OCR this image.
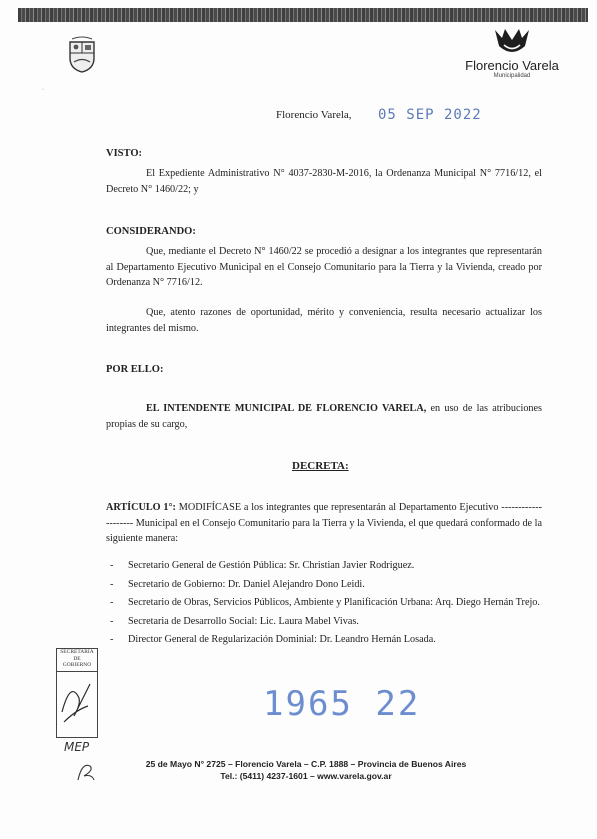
·
Florencio Varela
Municipalidad
Florencio Varela, 05 SEP 2022
VISTO:
El Expediente Administrativo N° 4037-2830-M-2016, la Ordenanza Municipal N° 7716/12, el Decreto N° 1460/22; y
CONSIDERANDO:
Que, mediante el Decreto N° 1460/22 se procedió a designar a los integrantes que representarán al Departamento Ejecutivo Municipal en el Consejo Comunitario para la Tierra y la Vivienda, creado por Ordenanza N° 7716/12.
Que, atento razones de oportunidad, mérito y conveniencia, resulta necesario actualizar los integrantes del mismo.
POR ELLO:
EL INTENDENTE MUNICIPAL DE FLORENCIO VARELA, en uso de las atribuciones propias de su cargo,
DECRETA:
ARTÍCULO 1°: MODIFÍCASE a los integrantes que representarán al Departamento Ejecutivo -------------------- Municipal en el Consejo Comunitario para la Tierra y la Vivienda, el que quedará conformado de la siguiente manera:
- Secretario General de Gestión Pública: Sr. Christian Javier Rodriguez.
- Secretario de Gobierno: Dr. Daniel Alejandro Dono Leidi.
- Secretario de Obras, Servicios Públicos, Ambiente y Planificación Urbana: Arq. Diego Hernán Trejo.
- Secretaria de Desarrollo Social: Lic. Laura Mabel Vivas.
- Director General de Regularización Dominial: Dr. Leandro Hernán Losada.
SECRETARIA
DE
GOBIERNO
MEP
1965 22
25 de Mayo N° 2725 – Florencio Varela – C.P. 1888 – Provincia de Buenos Aires
Tel.: (5411) 4237-1601 – www.varela.gov.ar
